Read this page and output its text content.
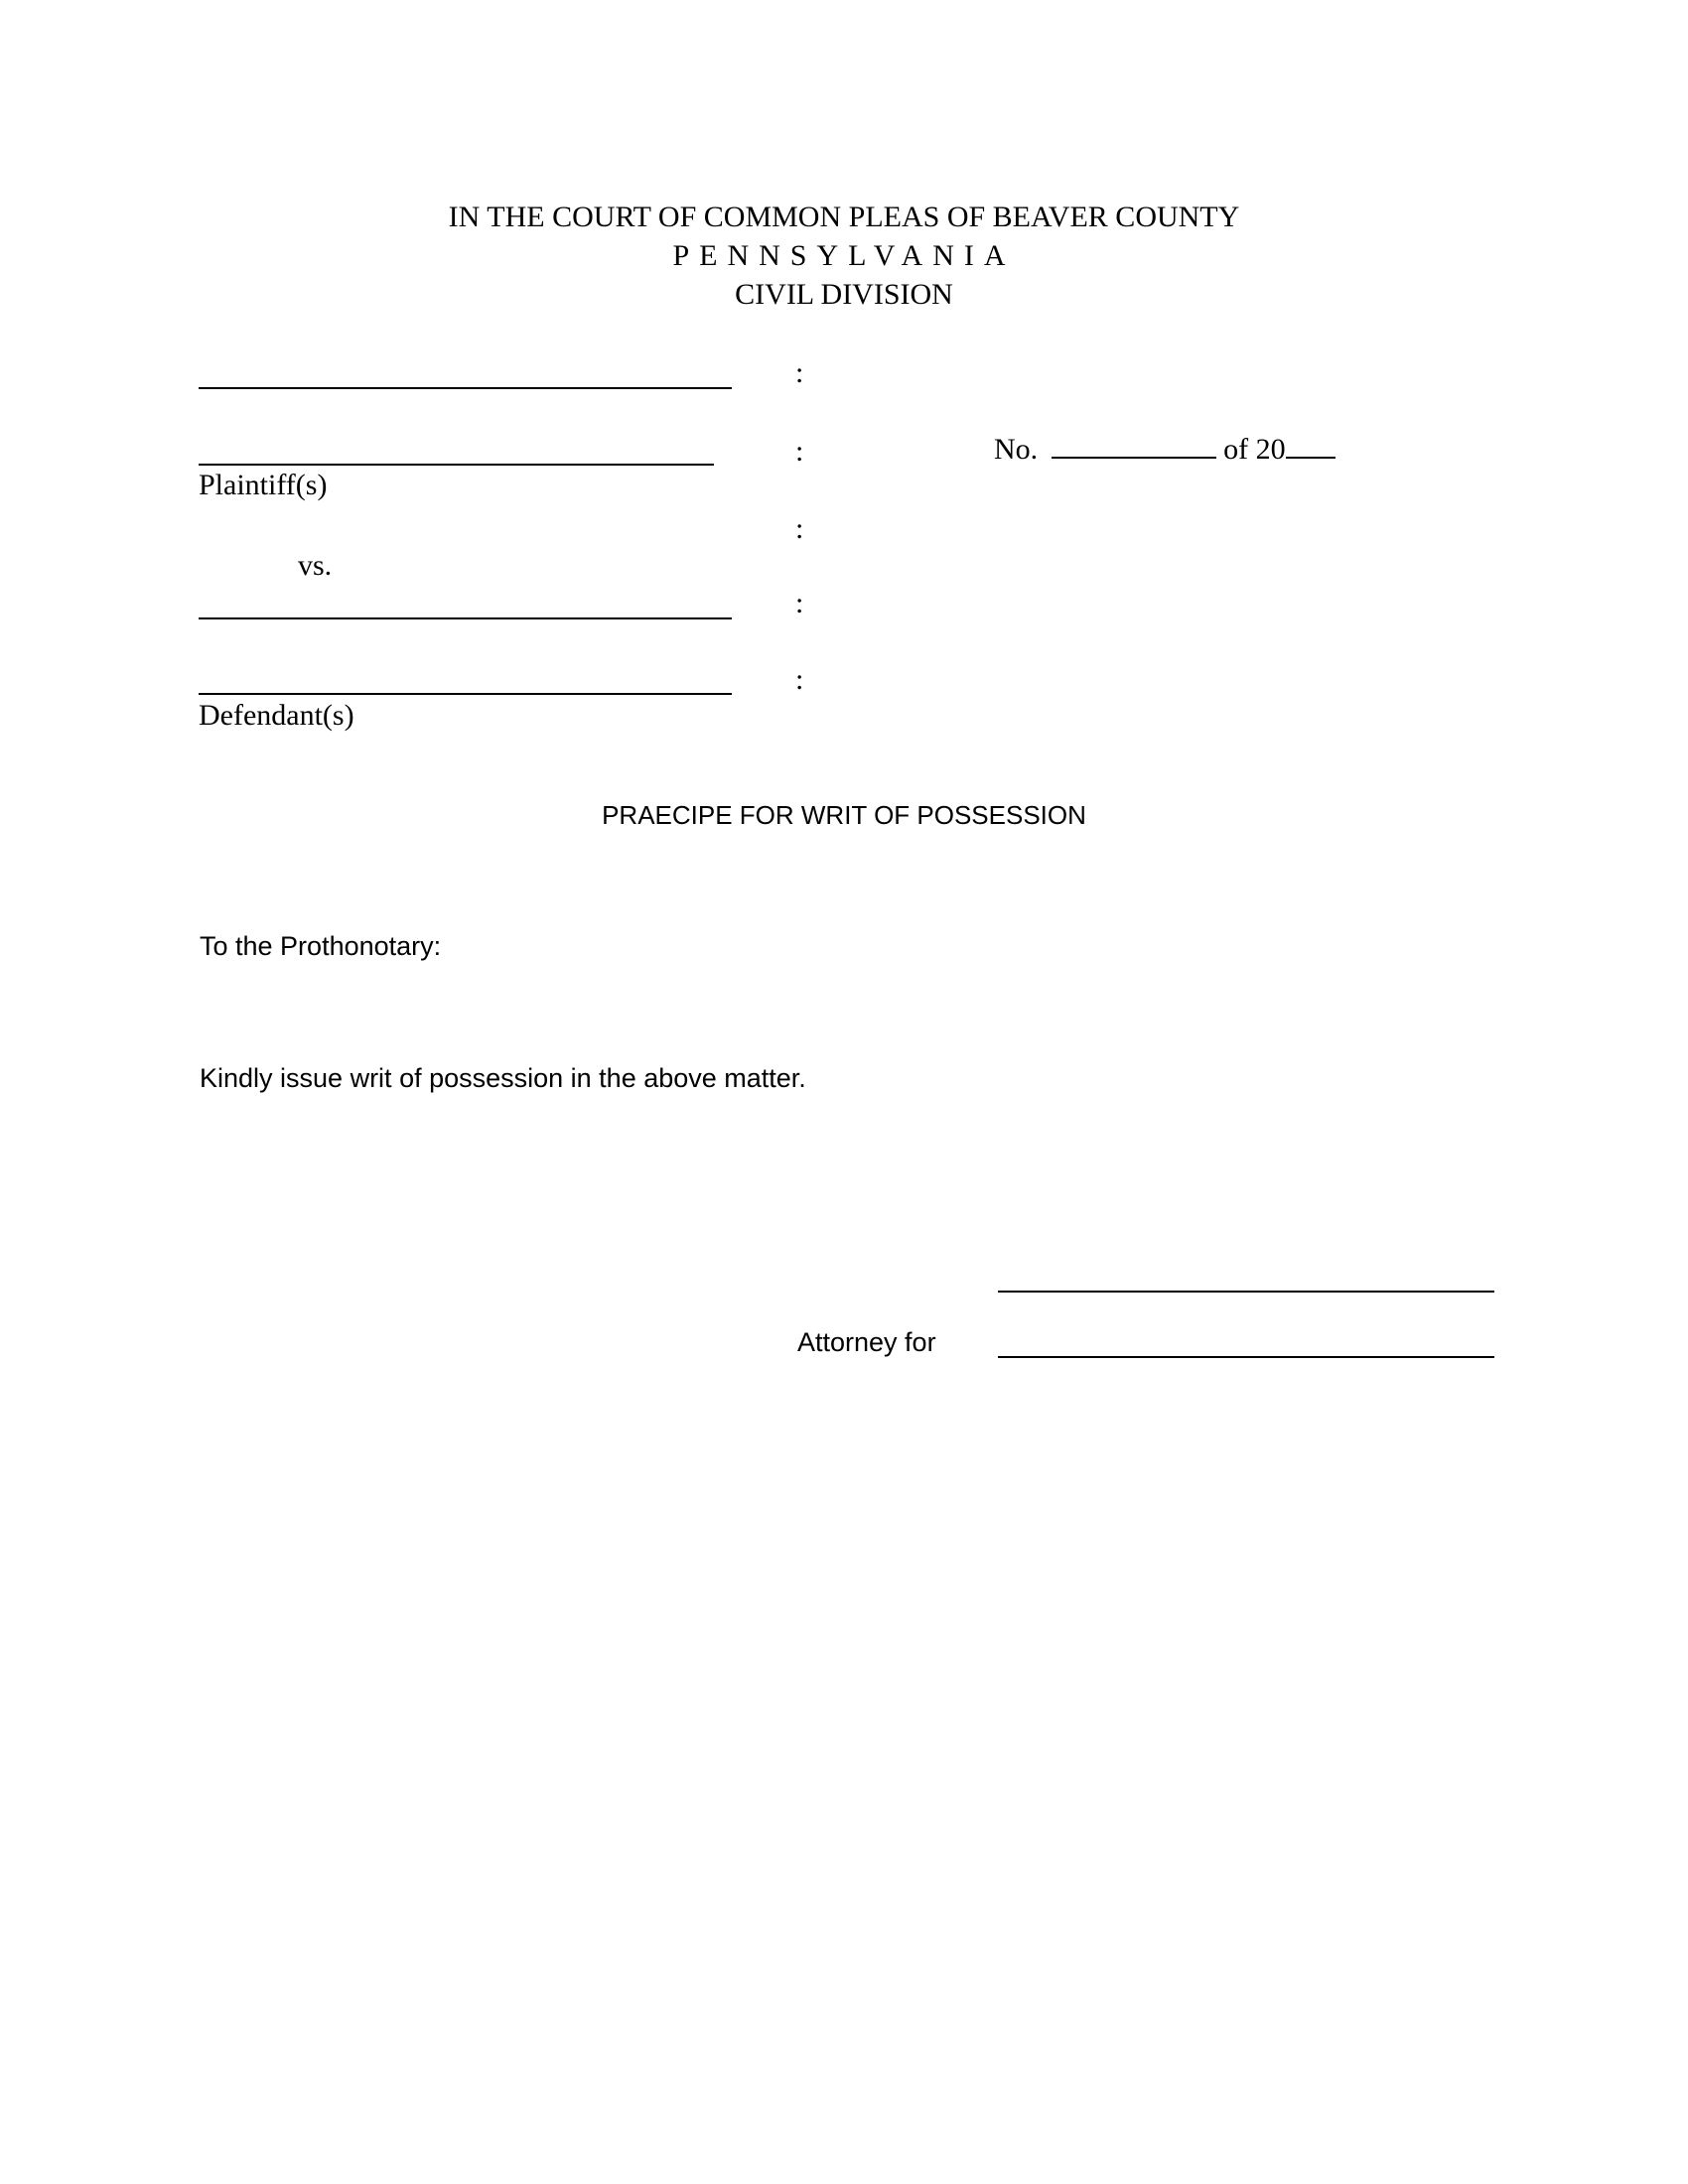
IN THE COURT OF COMMON PLEAS OF BEAVER COUNTY
PENNSYLVANIA
CIVIL DIVISION
Plaintiff(s)
vs.
Defendant(s)
:
:
:
:
:
No.	of 20
PRAECIPE FOR WRIT OF POSSESSION
To the Prothonotary:
Kindly issue writ of possession in the above matter.
Attorney for
